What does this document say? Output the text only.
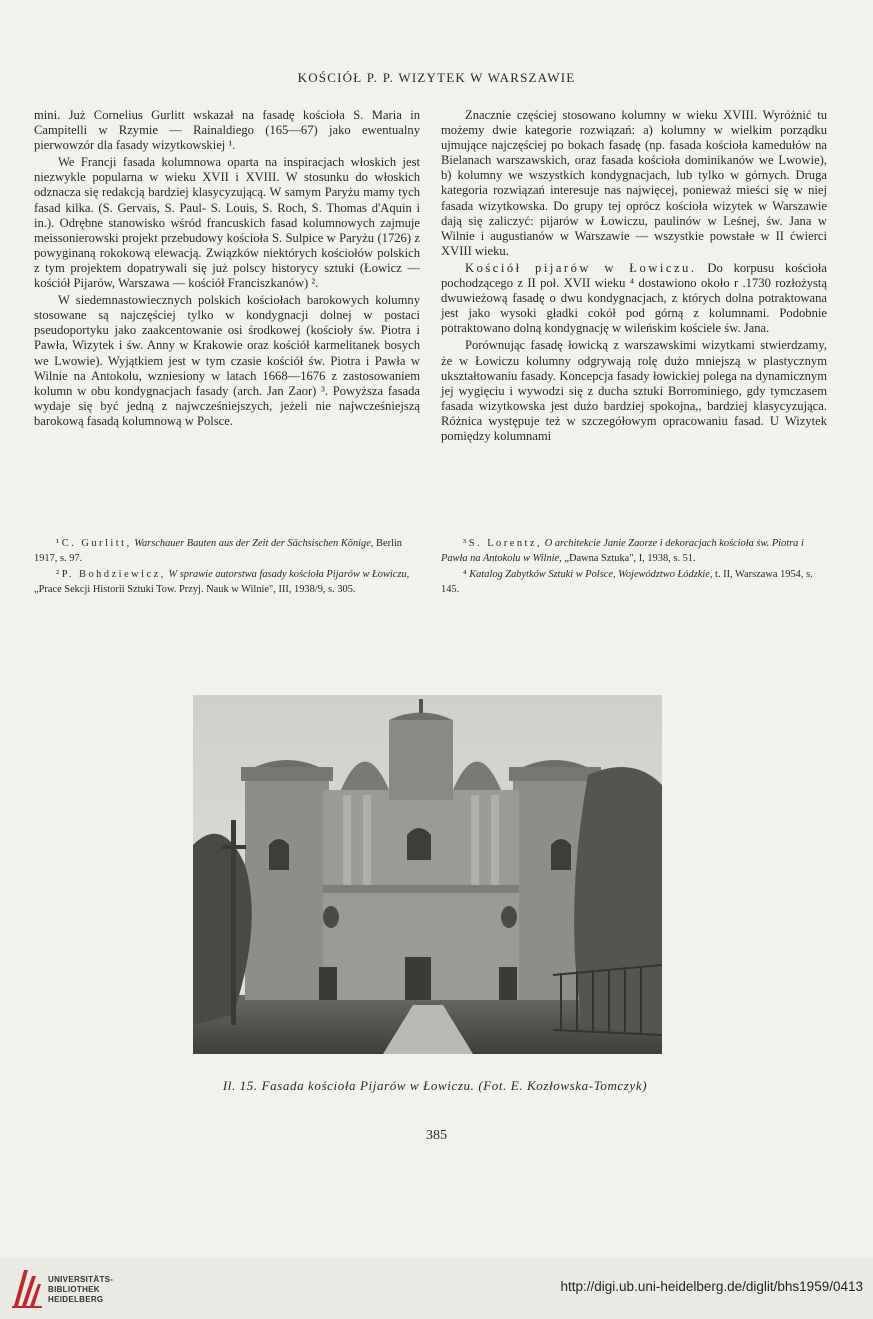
KOŚCIÓŁ P. P. WIZYTEK W WARSZAWIE

mini. Już Cornelius Gurlitt wskazał na fasadę kościoła S. Maria in Campitelli w Rzymie — Rainaldiego (165—67) jako ewentualny pierwowzór dla fasady wizytkowskiej ¹.

We Francji fasada kolumnowa oparta na inspiracjach włoskich jest niezwykle popularna w wieku XVII i XVIII. W stosunku do włoskich odznacza się redakcją bardziej klasycyzującą. W samym Paryżu mamy tych fasad kilka. (S. Gervais, S. Paul- S. Louis, S. Roch, S. Thomas d'Aquin i in.). Odrębne stanowisko wśród francuskich fasad kolumnowych zajmuje meissonierowski projekt przebudowy kościoła S. Sulpice w Paryżu (1726) z powyginaną rokokową elewacją. Związków niektórych kościołów polskich z tym projektem dopatrywali się już polscy historycy sztuki (Łowicz — kościół Pijarów, Warszawa — kościół Franciszkanów) ².

W siedemnastowiecznych polskich kościołach barokowych kolumny stosowane są najczęściej tylko w kondygnacji dolnej w postaci pseudoportyku jako zaakcentowanie osi środkowej (kościoły św. Piotra i Pawła, Wizytek i św. Anny w Krakowie oraz kościół karmelitanek bosych we Lwowie). Wyjątkiem jest w tym czasie kościół św. Piotra i Pawła w Wilnie na Antokolu, wzniesiony w latach 1668—1676 z zastosowaniem kolumn w obu kondygnacjach fasady (arch. Jan Zaor) ³. Powyższa fasada wydaje się być jedną z najwcześniejszych, jeżeli nie najwcześniejszą barokową fasadą kolumnową w Polsce.

Znacznie częściej stosowano kolumny w wieku XVIII. Wyróżnić tu możemy dwie kategorie rozwiązań: a) kolumny w wielkim porządku ujmujące najczęściej po bokach fasadę (np. fasada kościoła kamedułów na Bielanach warszawskich, oraz fasada kościoła dominikanów we Lwowie), b) kolumny we wszystkich kondygnacjach, lub tylko w górnych. Druga kategoria rozwiązań interesuje nas najwięcej, ponieważ mieści się w niej fasada wizytkowska. Do grupy tej oprócz kościoła wizytek w Warszawie dają się zaliczyć: pijarów w Łowiczu, paulinów w Leśnej, św. Jana w Wilnie i augustianów w Warszawie — wszystkie powstałe w II ćwierci XVIII wieku.

Kościół pijarów w Łowiczu. Do korpusu kościoła pochodzącego z II poł. XVII wieku ⁴ dostawiono około r .1730 rozłożystą dwuwieżową fasadę o dwu kondygnacjach, z których dolna potraktowana jest jako wysoki gładki cokół pod górną z kolumnami. Podobnie potraktowano dolną kondygnację w wileńskim kościele św. Jana.

Porównując fasadę łowicką z warszawskimi wizytkami stwierdzamy, że w Łowiczu kolumny odgrywają rolę dużo mniejszą w plastycznym ukształtowaniu fasady. Koncepcja fasady łowickiej polega na dynamicznym jej wygięciu i wywodzi się z ducha sztuki Borrominiego, gdy tymczasem fasada wizytkowska jest dużo bardziej spokojna,, bardziej klasycyzująca. Różnica występuje też w szczegółowym opracowaniu fasad. U Wizytek pomiędzy kolumnami

¹ C. Gurlitt, Warschauer Bauten aus der Zeit der Sächsischen Könige, Berlin 1917, s. 97.

² P. Bohdziewicz, W sprawie autorstwa fasady kościoła Pijarów w Łowiczu, „Prace Sekcji Historii Sztuki Tow. Przyj. Nauk w Wilnie", III, 1938/9, s. 305.

³ S. Lorentz, O architekcie Janie Zaorze i dekoracjach kościoła św. Piotra i Pawła na Antokolu w Wilnie, „Dawna Sztuka", I, 1938, s. 51.

⁴ Katalog Zabytków Sztuki w Polsce, Województwo Łódzkie, t. II, Warszawa 1954, s. 145.

Il. 15. Fasada kościoła Pijarów w Łowiczu. (Fot. E. Kozłowska-Tomczyk)
385
UNIVERSITÄTS-
BIBLIOTHEK
HEIDELBERG
http://digi.ub.uni-heidelberg.de/diglit/bhs1959/0413
